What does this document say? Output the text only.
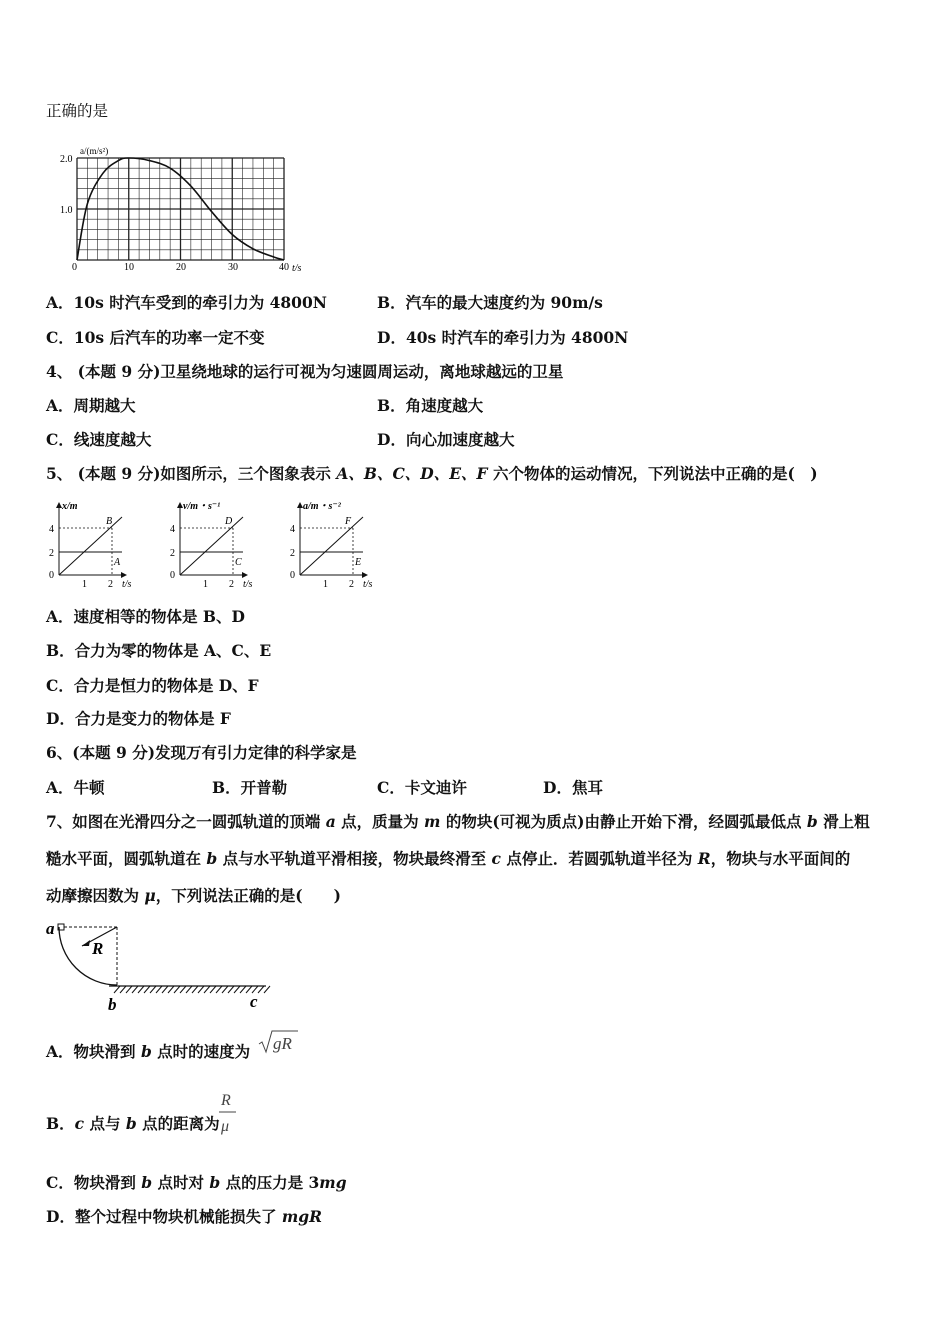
正确的是
a/(m/s²)
2.0
1.0
0	10	20	30	40 t/s
A．10s 时汽车受到的牵引力为 4800N	B．汽车的最大速度约为 90m/s
C．10s 后汽车的功率一定不变	D．40s 时汽车的牵引力为 4800N
4、 (本题 9 分)卫星绕地球的运行可视为匀速圆周运动，离地球越远的卫星
A．周期越大	B．角速度越大
C．线速度越大	D．向心加速度越大
5、 (本题 9 分)如图所示，三个图象表示 A、B、C、D、E、F 六个物体的运动情况，下列说法中正确的是(　)
x/m
B
A
4
2
0
1 2 t/s
v/m・s⁻¹
D
C
4
2
0
1 2 t/s
a/m・s⁻²
F
E
4
2
0
1 2 t/s
A．速度相等的物体是 B、D
B．合力为零的物体是 A、C、E
C．合力是恒力的物体是 D、F
D．合力是变力的物体是 F
6、(本题 9 分)发现万有引力定律的科学家是
A．牛顿	B．开普勒	C．卡文迪许	D．焦耳
7、如图在光滑四分之一圆弧轨道的顶端 a 点，质量为 m 的物块(可视为质点)由静止开始下滑，经圆弧最低点 b 滑上粗
糙水平面，圆弧轨道在 b 点与水平轨道平滑相接，物块最终滑至 c 点停止．若圆弧轨道半径为 R，物块与水平面间的
动摩擦因数为 μ，下列说法正确的是(　　)
a
R
b	c
A．物块滑到 b 点时的速度为 gR
B．c 点与 b 点的距离为
R
μ
C．物块滑到 b 点时对 b 点的压力是 3mg
D．整个过程中物块机械能损失了 mgR
